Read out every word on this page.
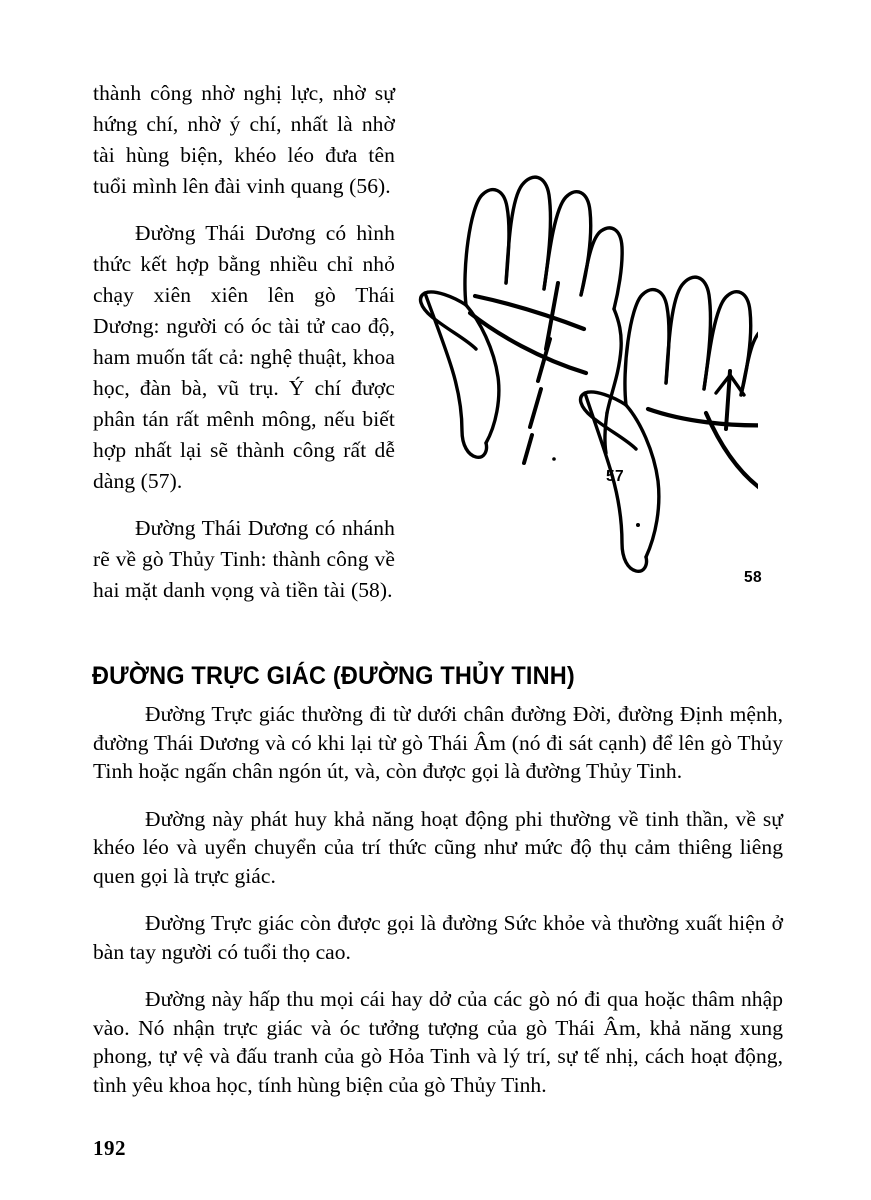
thành công nhờ nghị lực, nhờ sự hứng chí, nhờ ý chí, nhất là nhờ tài hùng biện, khéo léo đưa tên tuổi mình lên đài vinh quang (56).

Đường Thái Dương có hình thức kết hợp bằng nhiều chỉ nhỏ chạy xiên xiên lên gò Thái Dương: người có óc tài tử cao độ, ham muốn tất cả: nghệ thuật, khoa học, đàn bà, vũ trụ. Ý chí được phân tán rất mênh mông, nếu biết hợp nhất lại sẽ thành công rất dễ dàng (57).

Đường Thái Dương có nhánh rẽ về gò Thủy Tinh: thành công về hai mặt danh vọng và tiền tài (58).

57
58
ĐƯỜNG TRỰC GIÁC (ĐƯỜNG THỦY TINH)

Đường Trực giác thường đi từ dưới chân đường Đời, đường Định mệnh, đường Thái Dương và có khi lại từ gò Thái Âm (nó đi sát cạnh) để lên gò Thủy Tinh hoặc ngấn chân ngón út, và, còn được gọi là đường Thủy Tinh.

Đường này phát huy khả năng hoạt động phi thường về tinh thần, về sự khéo léo và uyển chuyển của trí thức cũng như mức độ thụ cảm thiêng liêng quen gọi là trực giác.

Đường Trực giác còn được gọi là đường Sức khỏe và thường xuất hiện ở bàn tay người có tuổi thọ cao.

Đường này hấp thu mọi cái hay dở của các gò nó đi qua hoặc thâm nhập vào. Nó nhận trực giác và óc tưởng tượng của gò Thái Âm, khả năng xung phong, tự vệ và đấu tranh của gò Hỏa Tinh và lý trí, sự tế nhị, cách hoạt động, tình yêu khoa học, tính hùng biện của gò Thủy Tinh.

192
